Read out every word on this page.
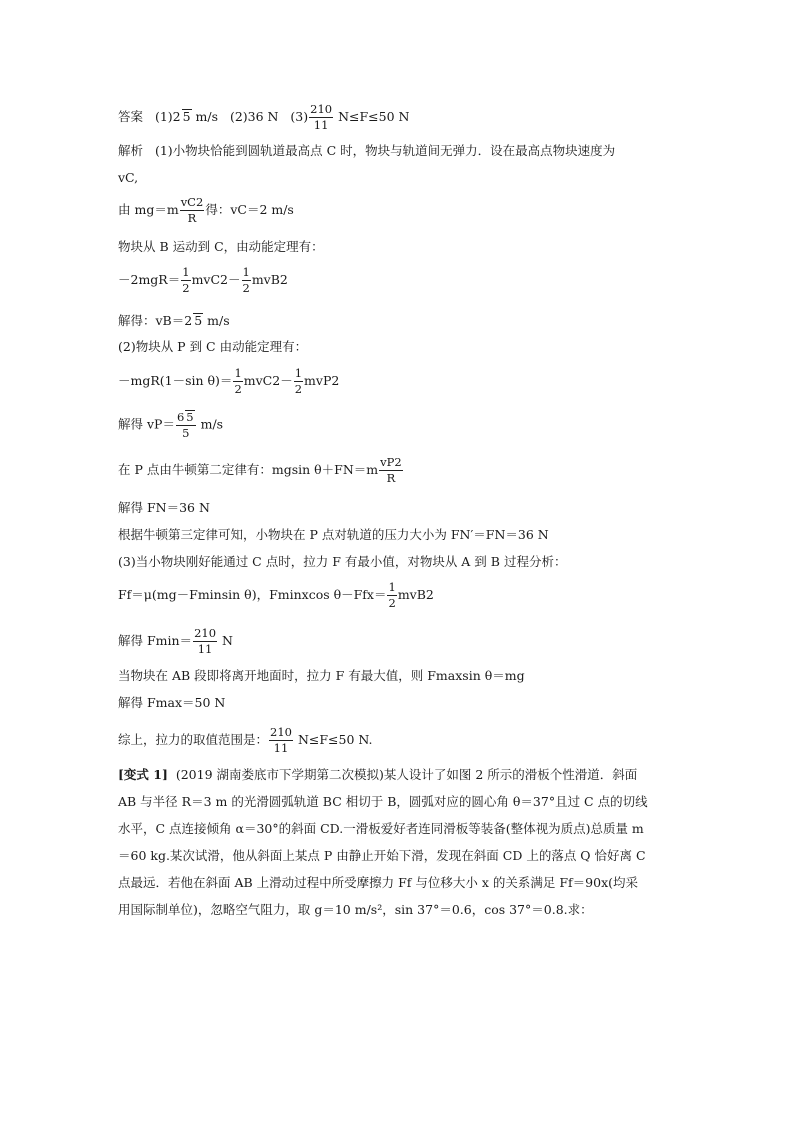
答案 (1)2 5 m/s (2)36 N $(3) \frac{210}{11} N\le F\le 50$ N
解析 (1)小物块恰能到圆轨道最高点 C 时，物块与轨道间无弹力．设在最高点物块速度为
vC,
由 $mg=m \frac{vC2}{R}$ 得：vC＝2 m/s
物块从 B 运动到 C，由动能定理有：
$-2mgR= \frac{1}{2} mvC2- \frac{1}{2} mvB2$
解得：vB＝2 5 m/s
(2)物块从 P 到 C 由动能定理有：
－mgR(1－sin $\theta)= \frac{1}{2} mvC2- \frac{1}{2} mvP2$
解得 $vP= \frac{6 5}{5} m/s$
在 P 点由牛顿第二定律有：mgsin $\theta+FN=m \frac{vP2}{R}$
解得 FN＝36 N
根据牛顿第三定律可知，小物块在 P 点对轨道的压力大小为 FN′＝FN＝36 N
(3)当小物块刚好能通过 C 点时，拉力 F 有最小值，对物块从 A 到 B 过程分析：
Ff＝μ(mg－Fminsin θ)，Fminxcos $\theta-Ffx= \frac{1}{2} mvB2$
解得 $Fmin= \frac{210}{11}$ N
当物块在 AB 段即将离开地面时，拉力 F 有最大值，则 Fmaxsin θ＝mg
解得 Fmax＝50 N
综上，拉力的取值范围是： $\frac{210}{11} N\le F\le 50$ N.
[变式 1] (2019 湖南娄底市下学期第二次模拟)某人设计了如图 2 所示的滑板个性滑道．斜面
AB 与半径 R＝3 m 的光滑圆弧轨道 BC 相切于 B，圆弧对应的圆心角 θ＝37°且过 C 点的切线
水平，C 点连接倾角 α＝30°的斜面 CD.一滑板爱好者连同滑板等装备(整体视为质点)总质量 m
＝60 kg.某次试滑，他从斜面上某点 P 由静止开始下滑，发现在斜面 CD 上的落点 Q 恰好离 C
点最远．若他在斜面 AB 上滑动过程中所受摩擦力 Ff 与位移大小 x 的关系满足 Ff＝90x(均采
用国际制单位)，忽略空气阻力，取 g＝10 m/s²，sin 37°＝0.6，cos 37°＝0.8.求：
